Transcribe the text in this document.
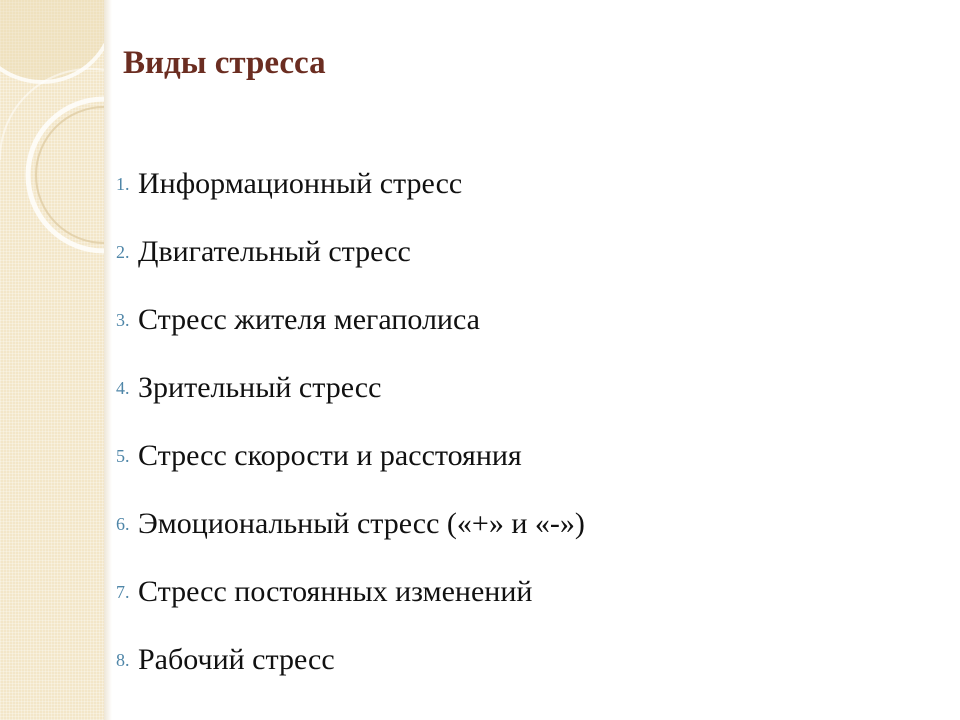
Виды стресса
1. Информационный стресс
2. Двигательный стресс
3. Стресс жителя мегаполиса
4. Зрительный стресс
5. Стресс скорости и расстояния
6. Эмоциональный стресс («+» и «-»)
7. Стресс постоянных изменений
8. Рабочий стресс
